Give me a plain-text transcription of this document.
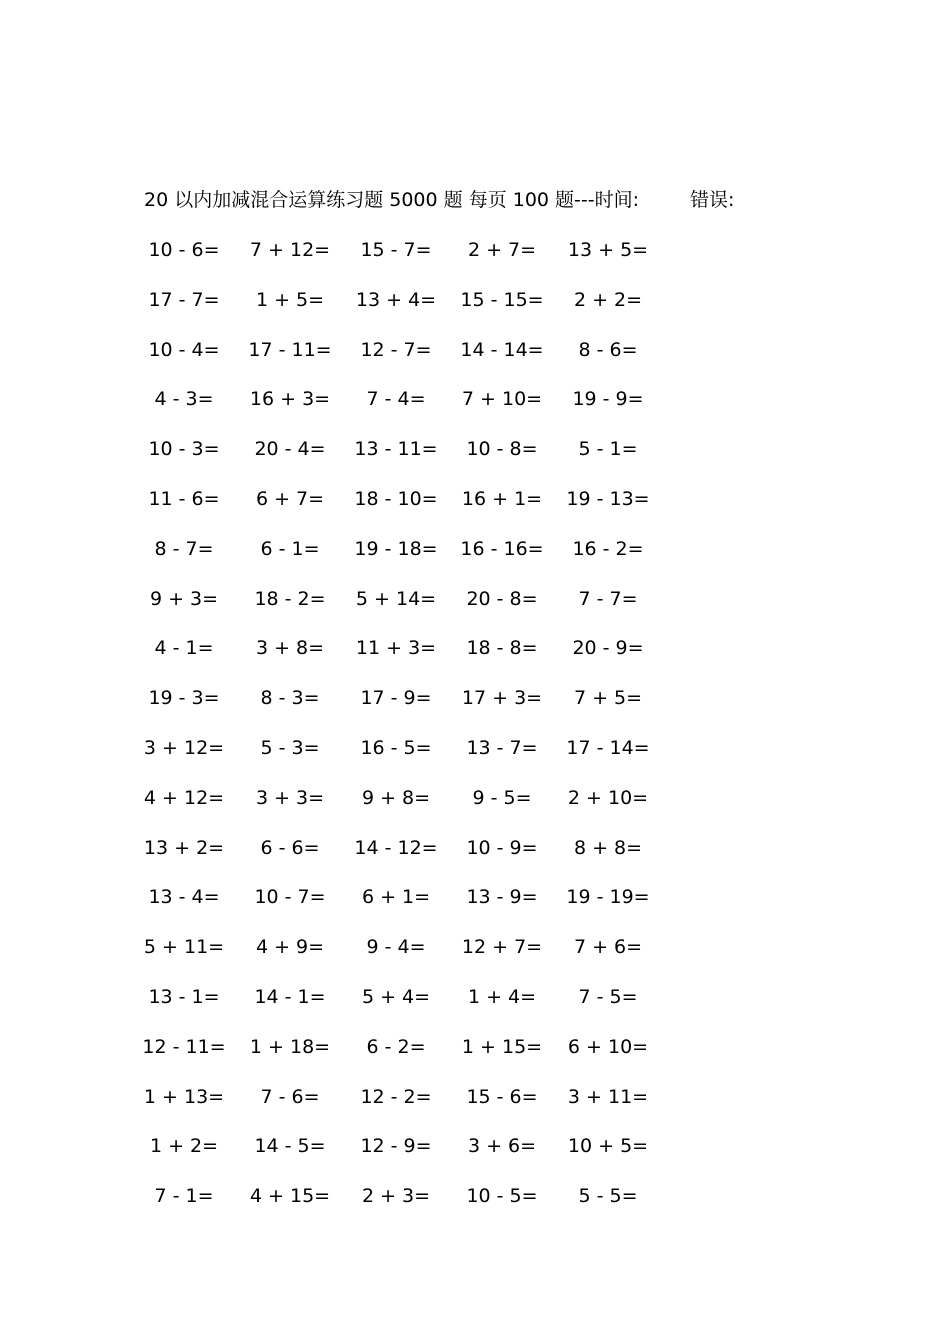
20 以内加减混合运算练习题 5000 题 每页 100 题---时间:	错误:
10 - 6=	7 + 12=	15 - 7=	2 + 7=	13 + 5=
17 - 7=	1 + 5=	13 + 4=	15 - 15=	2 + 2=
10 - 4=	17 - 11=	12 - 7=	14 - 14=	8 - 6=
4 - 3=	16 + 3=	7 - 4=	7 + 10=	19 - 9=
10 - 3=	20 - 4=	13 - 11=	10 - 8=	5 - 1=
11 - 6=	6 + 7=	18 - 10=	16 + 1=	19 - 13=
8 - 7=	6 - 1=	19 - 18=	16 - 16=	16 - 2=
9 + 3=	18 - 2=	5 + 14=	20 - 8=	7 - 7=
4 - 1=	3 + 8=	11 + 3=	18 - 8=	20 - 9=
19 - 3=	8 - 3=	17 - 9=	17 + 3=	7 + 5=
3 + 12=	5 - 3=	16 - 5=	13 - 7=	17 - 14=
4 + 12=	3 + 3=	9 + 8=	9 - 5=	2 + 10=
13 + 2=	6 - 6=	14 - 12=	10 - 9=	8 + 8=
13 - 4=	10 - 7=	6 + 1=	13 - 9=	19 - 19=
5 + 11=	4 + 9=	9 - 4=	12 + 7=	7 + 6=
13 - 1=	14 - 1=	5 + 4=	1 + 4=	7 - 5=
12 - 11=	1 + 18=	6 - 2=	1 + 15=	6 + 10=
1 + 13=	7 - 6=	12 - 2=	15 - 6=	3 + 11=
1 + 2=	14 - 5=	12 - 9=	3 + 6=	10 + 5=
7 - 1=	4 + 15=	2 + 3=	10 - 5=	5 - 5=
